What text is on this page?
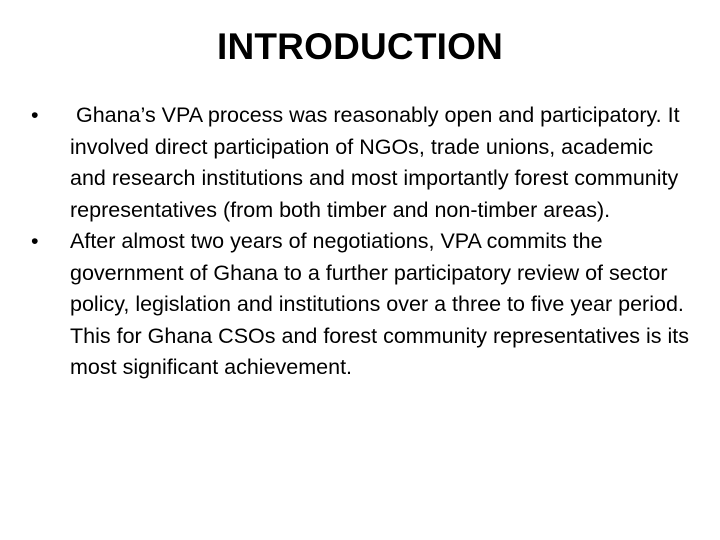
INTRODUCTION
•	Ghana’s VPA process was reasonably open and participatory. It involved direct participation of NGOs, trade unions, academic and research institutions and most importantly forest community representatives (from both timber and non-timber areas).
•	After almost two years of negotiations, VPA commits the government of Ghana to a further participatory review of sector policy, legislation and institutions over a three to five year period. This for Ghana CSOs and forest community representatives is its most significant achievement.
